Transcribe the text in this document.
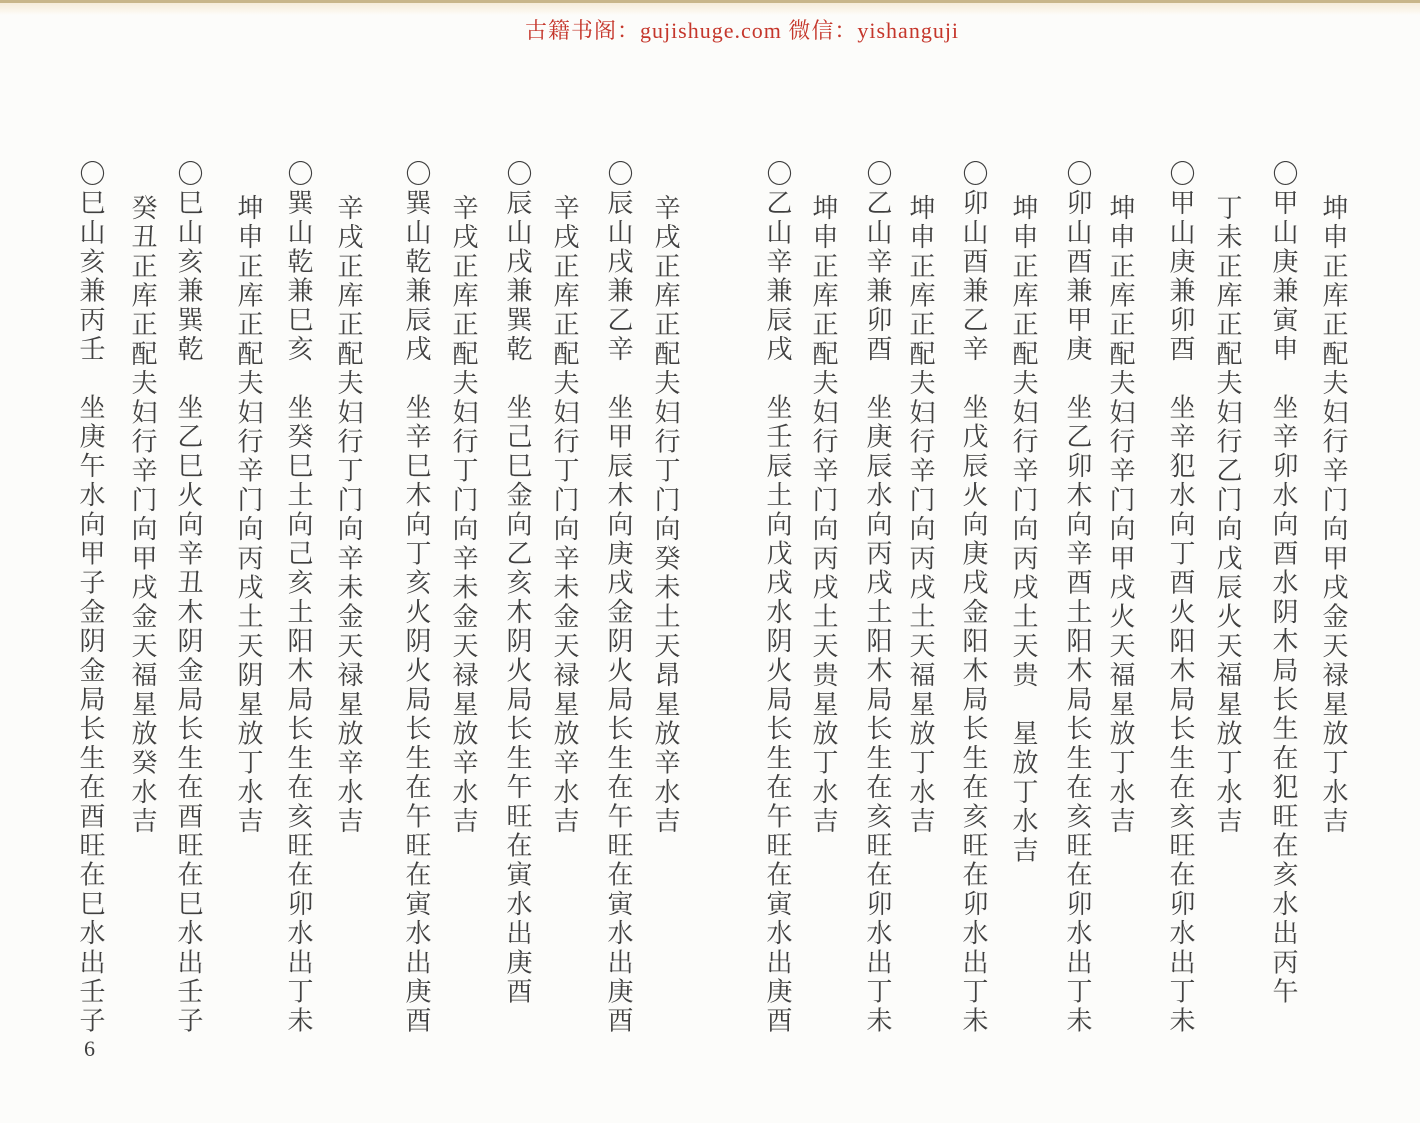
古籍书阁：gujishuge.com 微信：yishanguji
坤申正库正配夫妇行辛门向甲戌金天禄星放丁水吉
〇甲山庚兼寅申　坐辛卯水向酉水阴木局长生在犯旺在亥水出丙午
丁未正库正配夫妇行乙门向戊辰火天福星放丁水吉
〇甲山庚兼卯酉　坐辛犯水向丁酉火阳木局长生在亥旺在卯水出丁未
坤申正库正配夫妇行辛门向甲戌火天福星放丁水吉
〇卯山酉兼甲庚　坐乙卯木向辛酉土阳木局长生在亥旺在卯水出丁未
坤申正库正配夫妇行辛门向丙戌土天贵　星放丁水吉
〇卯山酉兼乙辛　坐戊辰火向庚戌金阳木局长生在亥旺在卯水出丁未
坤申正库正配夫妇行辛门向丙戌土天福星放丁水吉
〇乙山辛兼卯酉　坐庚辰水向丙戌土阳木局长生在亥旺在卯水出丁未
坤申正库正配夫妇行辛门向丙戌土天贵星放丁水吉
〇乙山辛兼辰戌　坐壬辰土向戊戌水阴火局长生在午旺在寅水出庚酉
辛戌正库正配夫妇行丁门向癸未土天昂星放辛水吉
〇辰山戌兼乙辛　坐甲辰木向庚戌金阴火局长生在午旺在寅水出庚酉
辛戌正库正配夫妇行丁门向辛未金天禄星放辛水吉
〇辰山戌兼巽乾　坐己巳金向乙亥木阴火局长生午旺在寅水出庚酉
辛戌正库正配夫妇行丁门向辛未金天禄星放辛水吉
〇巽山乾兼辰戌　坐辛巳木向丁亥火阴火局长生在午旺在寅水出庚酉
辛戌正库正配夫妇行丁门向辛未金天禄星放辛水吉
〇巽山乾兼巳亥　坐癸巳土向己亥土阳木局长生在亥旺在卯水出丁未
坤申正库正配夫妇行辛门向丙戌土天阴星放丁水吉
〇巳山亥兼巽乾　坐乙巳火向辛丑木阴金局长生在酉旺在巳水出壬子
癸丑正库正配夫妇行辛门向甲戌金天福星放癸水吉
〇巳山亥兼丙壬　坐庚午水向甲子金阴金局长生在酉旺在巳水出壬子
6
